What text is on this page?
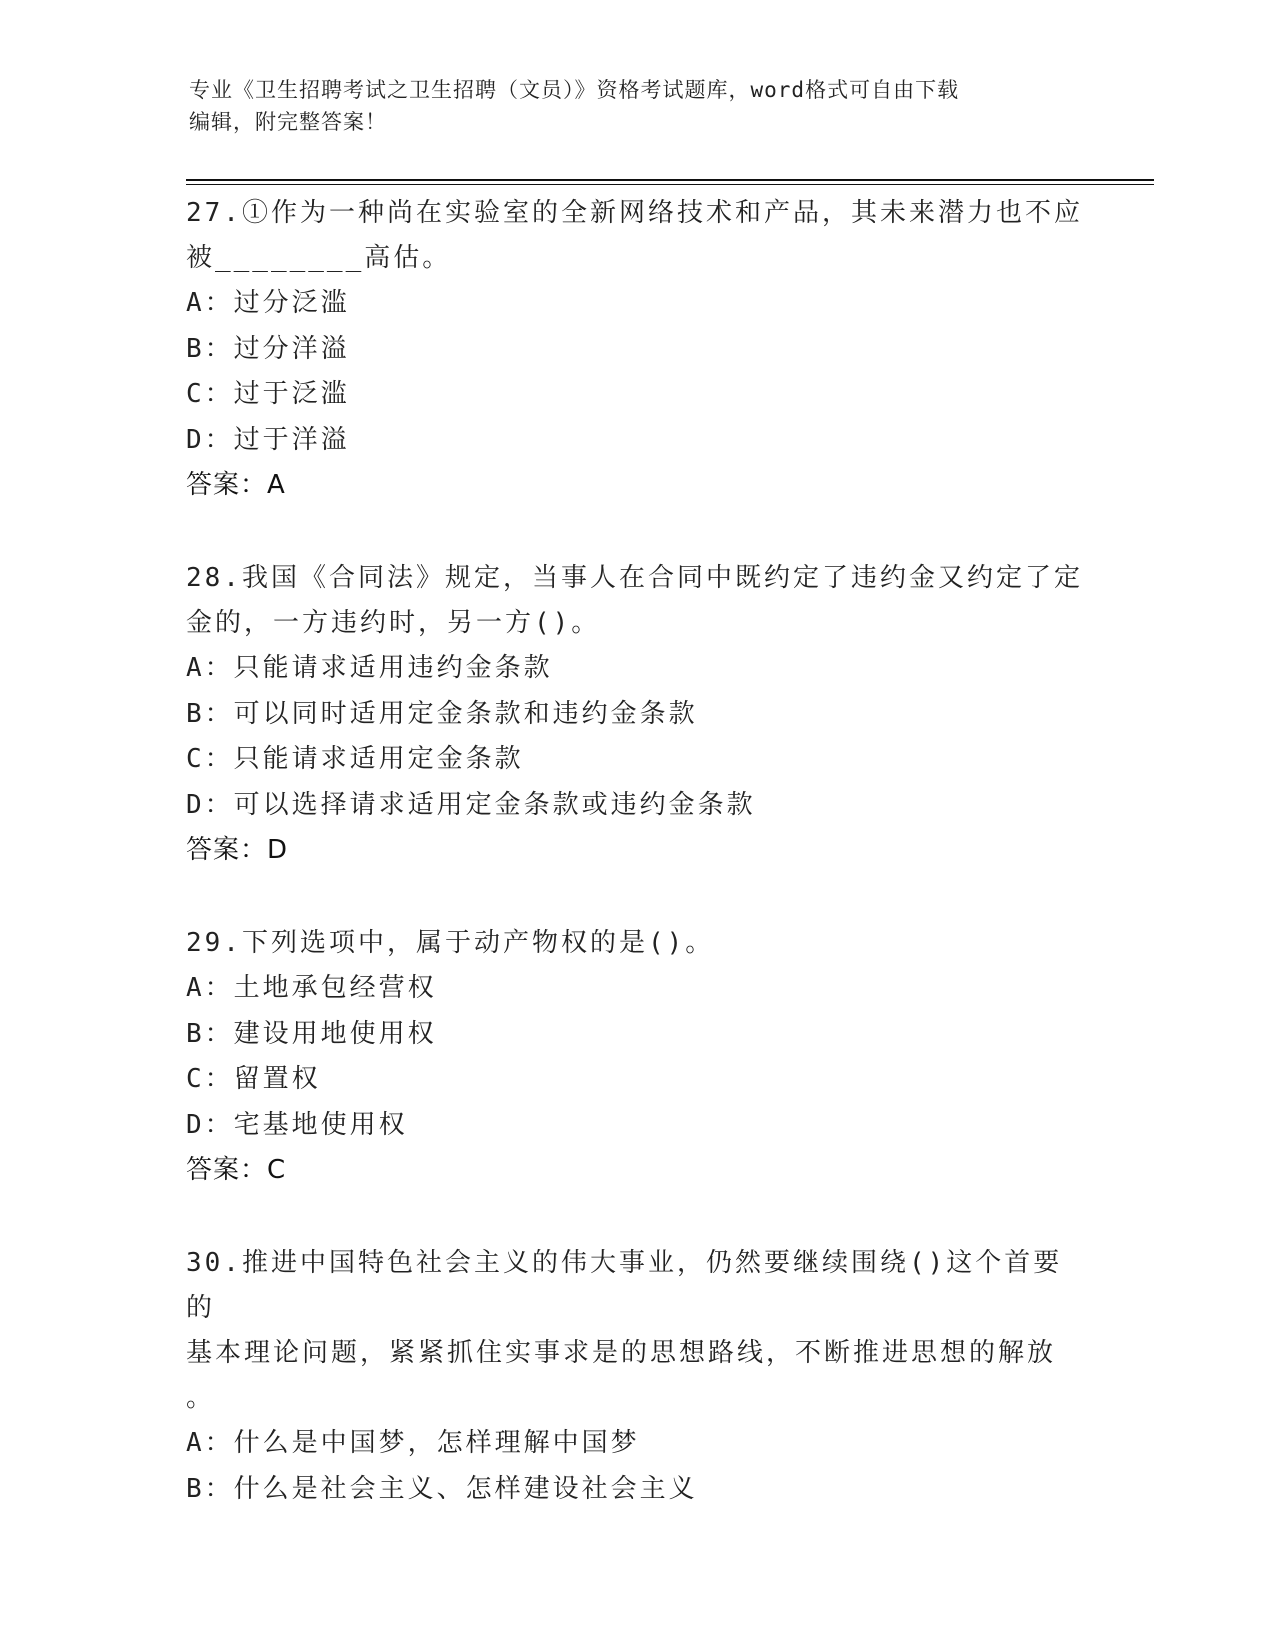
专业《卫生招聘考试之卫生招聘（文员）》资格考试题库，word格式可自由下载
编辑，附完整答案！
27.①作为一种尚在实验室的全新网络技术和产品，其未来潜力也不应
被________高估。
A：过分泛滥
B：过分洋溢
C：过于泛滥
D：过于洋溢
答案：A
28.我国《合同法》规定，当事人在合同中既约定了违约金又约定了定
金的，一方违约时，另一方()。
A：只能请求适用违约金条款
B：可以同时适用定金条款和违约金条款
C：只能请求适用定金条款
D：可以选择请求适用定金条款或违约金条款
答案：D
29.下列选项中，属于动产物权的是()。
A：土地承包经营权
B：建设用地使用权
C：留置权
D：宅基地使用权
答案：C
30.推进中国特色社会主义的伟大事业，仍然要继续围绕()这个首要的
基本理论问题，紧紧抓住实事求是的思想路线，不断推进思想的解放
。
A：什么是中国梦，怎样理解中国梦
B：什么是社会主义、怎样建设社会主义
